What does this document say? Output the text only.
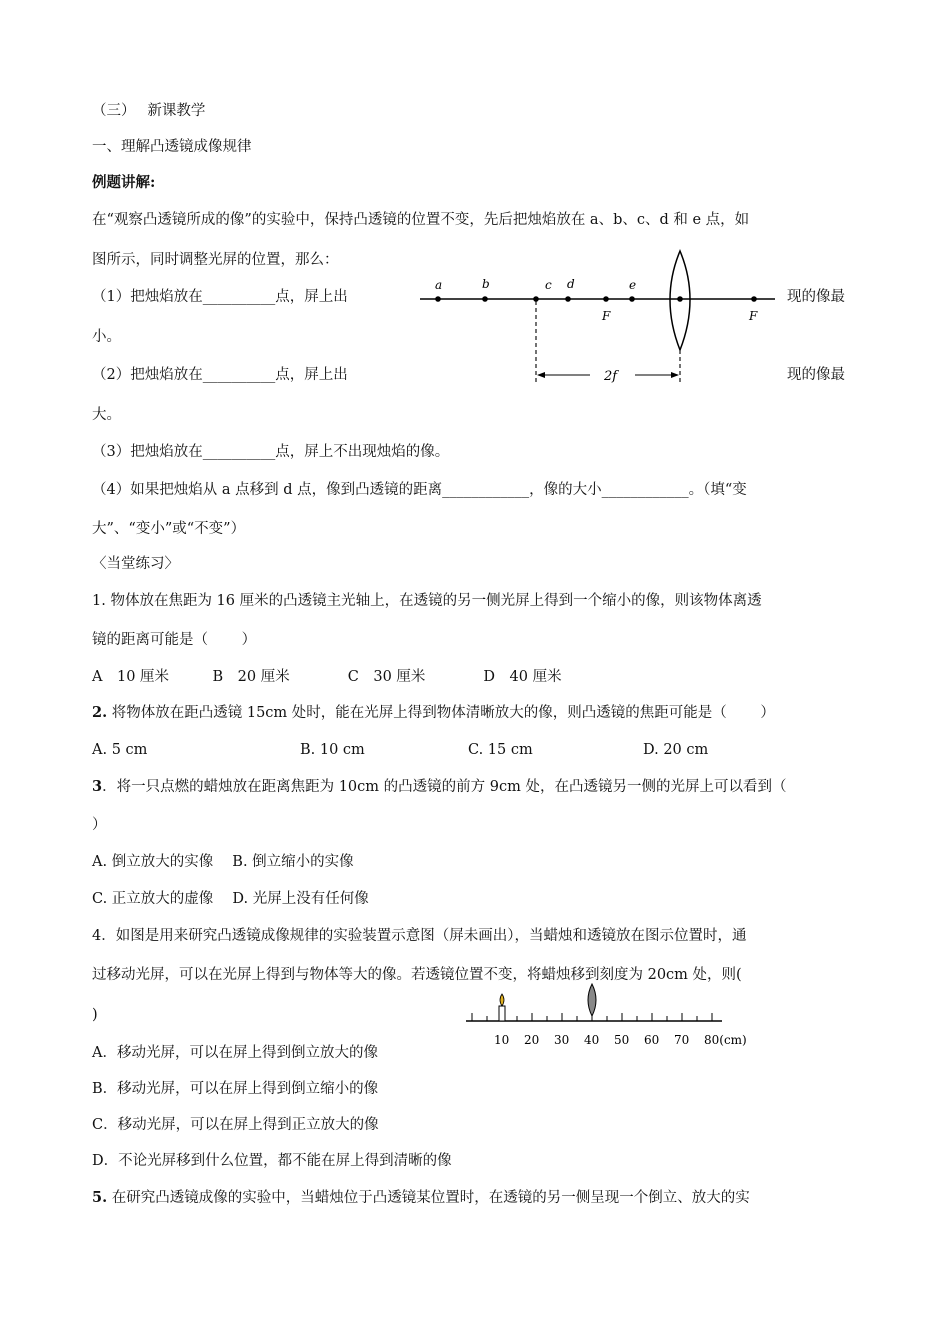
（三）　 新课教学
一、理解凸透镜成像规律
例题讲解:
在“观察凸透镜所成的像”的实验中，保持凸透镜的位置不变，先后把烛焰放在 a、b、c、d 和 e 点，如
图所示，同时调整光屏的位置，那么：
（1）把烛焰放在__________点，屏上出	现的像最
小。
（2）把烛焰放在__________点，屏上出	现的像最
大。
（3）把烛焰放在__________点，屏上不出现烛焰的像。
（4）如果把烛焰从 a 点移到 d 点，像到凸透镜的距离____________，像的大小____________。（填“变
大”、“变小”或“不变”）
a	b	c d	e
F	F
2f
〈当堂练习〉
1. 物体放在焦距为 16 厘米的凸透镜主光轴上，在透镜的另一侧光屏上得到一个缩小的像，则该物体离透
镜的距离可能是（　　 ）
A　10 厘米　　　B　20 厘米　　　　C　30 厘米　　　　D　40 厘米
2. 将物体放在距凸透镜 15cm 处时，能在光屏上得到物体清晰放大的像，则凸透镜的焦距可能是（　　 ）
A. 5 cm	B. 10 cm	C. 15 cm	D. 20 cm
3．将一只点燃的蜡烛放在距离焦距为 10cm 的凸透镜的前方 9cm 处，在凸透镜另一侧的光屏上可以看到（
）
A. 倒立放大的实像　 B. 倒立缩小的实像
C. 正立放大的虚像　 D. 光屏上没有任何像
4．如图是用来研究凸透镜成像规律的实验装置示意图（屏未画出），当蜡烛和透镜放在图示位置时，通
过移动光屏，可以在光屏上得到与物体等大的像。若透镜位置不变，将蜡烛移到刻度为 20cm 处，则(
)
A．移动光屏，可以在屏上得到倒立放大的像
B．移动光屏，可以在屏上得到倒立缩小的像
C．移动光屏，可以在屏上得到正立放大的像
D．不论光屏移到什么位置，都不能在屏上得到清晰的像
5. 在研究凸透镜成像的实验中，当蜡烛位于凸透镜某位置时，在透镜的另一侧呈现一个倒立、放大的实
10 20 30 40 50 60 70 80(cm)
